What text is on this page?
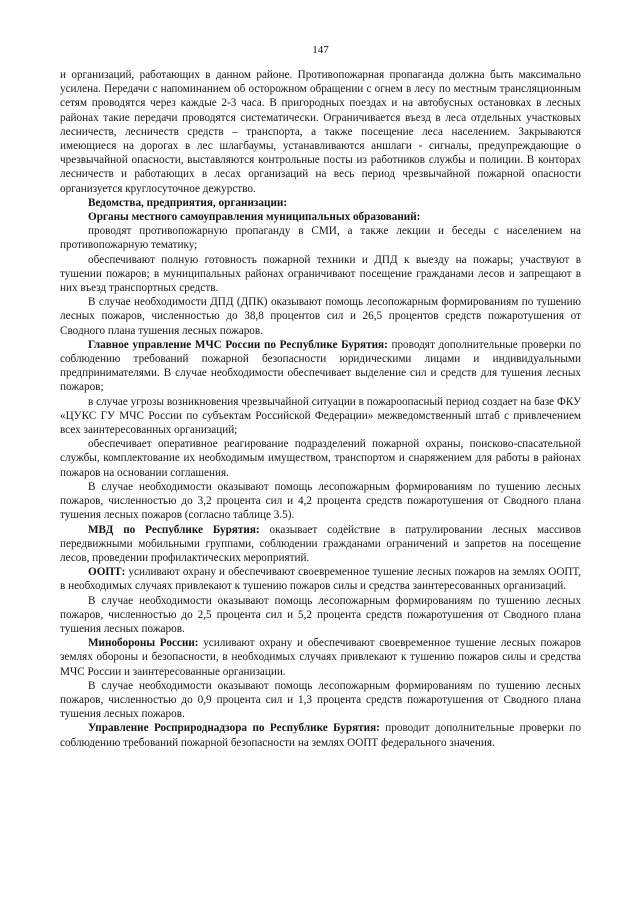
147

и организаций, работающих в данном районе. Противопожарная пропаганда должна быть максимально усилена. Передачи с напоминанием об осторожном обращении с огнем в лесу по местным трансляционным сетям проводятся через каждые 2-3 часа. В пригородных поездах и на автобусных остановках в лесных районах такие передачи проводятся систематически. Ограничивается въезд в леса отдельных участковых лесничеств, лесничеств средств – транспорта, а также посещение леса населением. Закрываются имеющиеся на дорогах в лес шлагбаумы, устанавливаются аншлаги - сигналы, предупреждающие о чрезвычайной опасности, выставляются контрольные посты из работников службы и полиции. В конторах лесничеств и работающих в лесах организаций на весь период чрезвычайной пожарной опасности организуется круглосуточное дежурство.

Ведомства, предприятия, организации:

Органы местного самоуправления муниципальных образований:

проводят противопожарную пропаганду в СМИ, а также лекции и беседы с населением на противопожарную тематику;

обеспечивают полную готовность пожарной техники и ДПД к выезду на пожары; участвуют в тушении пожаров; в муниципальных районах ограничивают посещение гражданами лесов и запрещают в них въезд транспортных средств.

В случае необходимости ДПД (ДПК) оказывают помощь лесопожарным формированиям по тушению лесных пожаров, численностью до 38,8 процентов сил и 26,5 процентов средств пожаротушения от Сводного плана тушения лесных пожаров.

Главное управление МЧС России по Республике Бурятия: проводят дополнительные проверки по соблюдению требований пожарной безопасности юридическими лицами и индивидуальными предпринимателями. В случае необходимости обеспечивает выделение сил и средств для тушения лесных пожаров;

в случае угрозы возникновения чрезвычайной ситуации в пожароопасный период создает на базе ФКУ «ЦУКС ГУ МЧС России по субъектам Российской Федерации» межведомственный штаб с привлечением всех заинтересованных организаций;

обеспечивает оперативное реагирование подразделений пожарной охраны, поисково-спасательной службы, комплектование их необходимым имуществом, транспортом и снаряжением для работы в районах пожаров на основании соглашения.

В случае необходимости оказывают помощь лесопожарным формированиям по тушению лесных пожаров, численностью до 3,2 процента сил и 4,2 процента средств пожаротушения от Сводного плана тушения лесных пожаров (согласно таблице 3.5).

МВД по Республике Бурятия: оказывает содействие в патрулировании лесных массивов передвижными мобильными группами, соблюдении гражданами ограничений и запретов на посещение лесов, проведении профилактических мероприятий.

ООПТ: усиливают охрану и обеспечивают своевременное тушение лесных пожаров на землях ООПТ, в необходимых случаях привлекают к тушению пожаров силы и средства заинтересованных организаций.

В случае необходимости оказывают помощь лесопожарным формированиям по тушению лесных пожаров, численностью до 2,5 процента сил и 5,2 процента средств пожаротушения от Сводного плана тушения лесных пожаров.

Минобороны России: усиливают охрану и обеспечивают своевременное тушение лесных пожаров землях обороны и безопасности, в необходимых случаях привлекают к тушению пожаров силы и средства МЧС России и заинтересованные организации.

В случае необходимости оказывают помощь лесопожарным формированиям по тушению лесных пожаров, численностью до 0,9 процента сил и 1,3 процента средств пожаротушения от Сводного плана тушения лесных пожаров.

Управление Росприроднадзора по Республике Бурятия: проводит дополнительные проверки по соблюдению требований пожарной безопасности на землях ООПТ федерального значения.
